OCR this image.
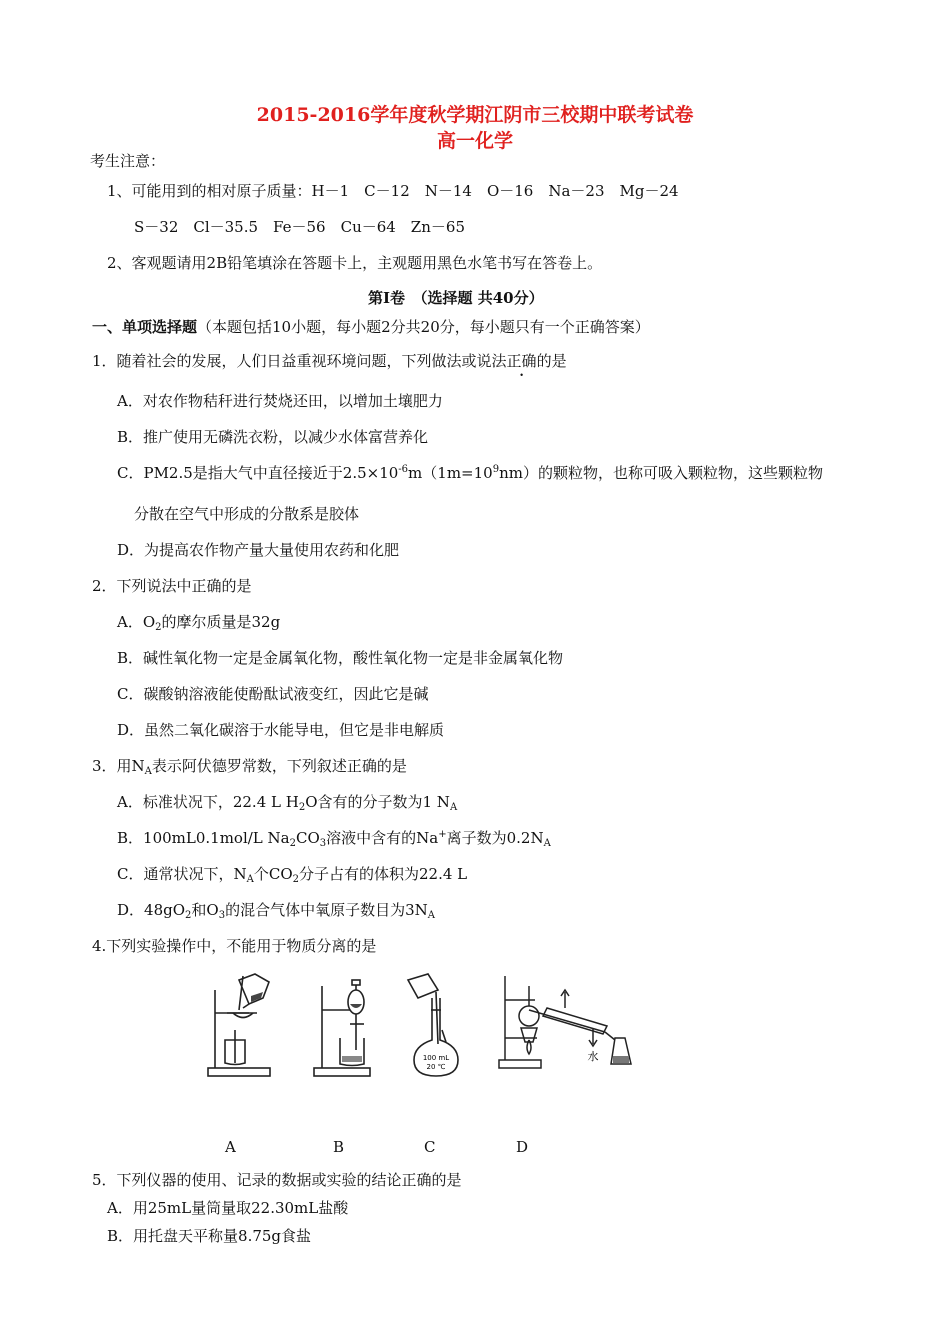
2015-2016学年度秋学期江阴市三校期中联考试卷
高一化学
考生注意：
1、可能用到的相对原子质量：H－1　C－12　N－14　O－16　Na－23　Mg－24
S－32　Cl－35.5　Fe－56　Cu－64　Zn－65
2、客观题请用2B铅笔填涂在答题卡上，主观题用黑色水笔书写在答卷上。
第Ⅰ卷　（选择题 共40分）
一、单项选择题（本题包括10小题，每小题2分共20分，每小题只有一个正确答案）
1．随着社会的发展，人们日益重视环境问题，下列做法或说法正确的是
A．对农作物秸秆进行焚烧还田，以增加土壤肥力
B．推广使用无磷洗衣粉，以减少水体富营养化
C．PM2.5是指大气中直径接近于$2.5\times 10^{-6}m(1m=10^9nm)$的颗粒物，也称可吸入颗粒物，这些颗粒物
分散在空气中形成的分散系是胶体
D．为提高农作物产量大量使用农药和化肥
2．下列说法中正确的是
A．$O_2$的摩尔质量是32g
B．碱性氧化物一定是金属氧化物，酸性氧化物一定是非金属氧化物
C．碳酸钠溶液能使酚酞试液变红，因此它是碱
D．虽然二氧化碳溶于水能导电，但它是非电解质
3．用$N_A$表示阿伏德罗常数，下列叙述正确的是
A．标准状况下，22.4 L $H_2O$含有的分子数为1 $N_A$
B．100mL0.1mol/L $Na_2CO_3$溶液中含有的Na+离子数为$0.2N_A$
C．通常状况下，$N_A$个$CO_2$分子占有的体积为22.4 L
D．$48gO_2$和$O_3$的混合气体中氧原子数目为$3N_A$
4.下列实验操作中，不能用于物质分离的是
100 mL
20 ℃
水
A	B	C	D
5．下列仪器的使用、记录的数据或实验的结论正确的是
A．用25mL量筒量取22.30mL盐酸
B．用托盘天平称量8.75g食盐
